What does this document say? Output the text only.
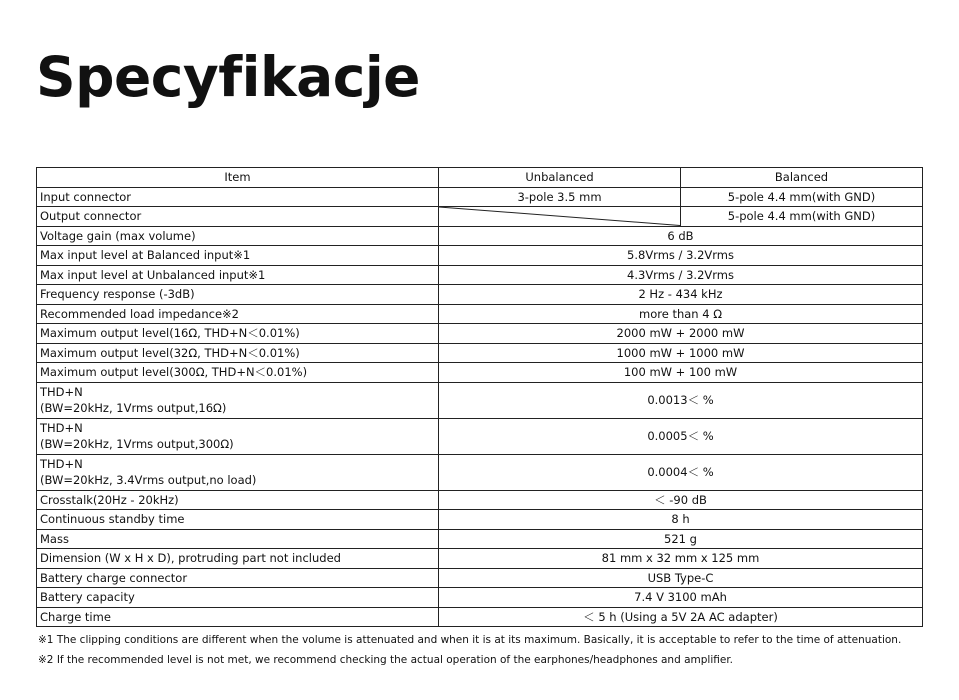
Specyfikacje
Item	Unbalanced	Balanced
Input connector	3-pole 3.5 mm	5-pole 4.4 mm(with GND)
Output connector		5-pole 4.4 mm(with GND)
Voltage gain (max volume)	6 dB	
Max input level at Balanced input※1	5.8Vrms / 3.2Vrms	
Max input level at Unbalanced input※1	4.3Vrms / 3.2Vrms	
Frequency response (-3dB)	2 Hz - 434 kHz	
Recommended load impedance※2	more than 4 Ω	
Maximum output level(16Ω, THD+N＜0.01%)	2000 mW + 2000 mW	
Maximum output level(32Ω, THD+N＜0.01%)	1000 mW + 1000 mW	
Maximum output level(300Ω, THD+N＜0.01%)	100 mW + 100 mW	

THD+N
(BW=20kHz, 1Vrms output,16Ω)	0.0013＜ %	

THD+N
(BW=20kHz, 1Vrms output,300Ω)	0.0005＜ %	

THD+N
(BW=20kHz, 3.4Vrms output,no load)	0.0004＜ %	
Crosstalk(20Hz - 20kHz)	＜ -90 dB	
Continuous standby time	8 h	
Mass	521 g	
Dimension (W x H x D), protruding part not included	81 mm x 32 mm x 125 mm	
Battery charge connector	USB Type-C	
Battery capacity	7.4 V 3100 mAh	
Charge time	＜ 5 h (Using a 5V 2A AC adapter)	
※1 The clipping conditions are different when the volume is attenuated and when it is at its maximum. Basically, it is acceptable to refer to the time of attenuation.
※2 If the recommended level is not met, we recommend checking the actual operation of the earphones/headphones and amplifier.
